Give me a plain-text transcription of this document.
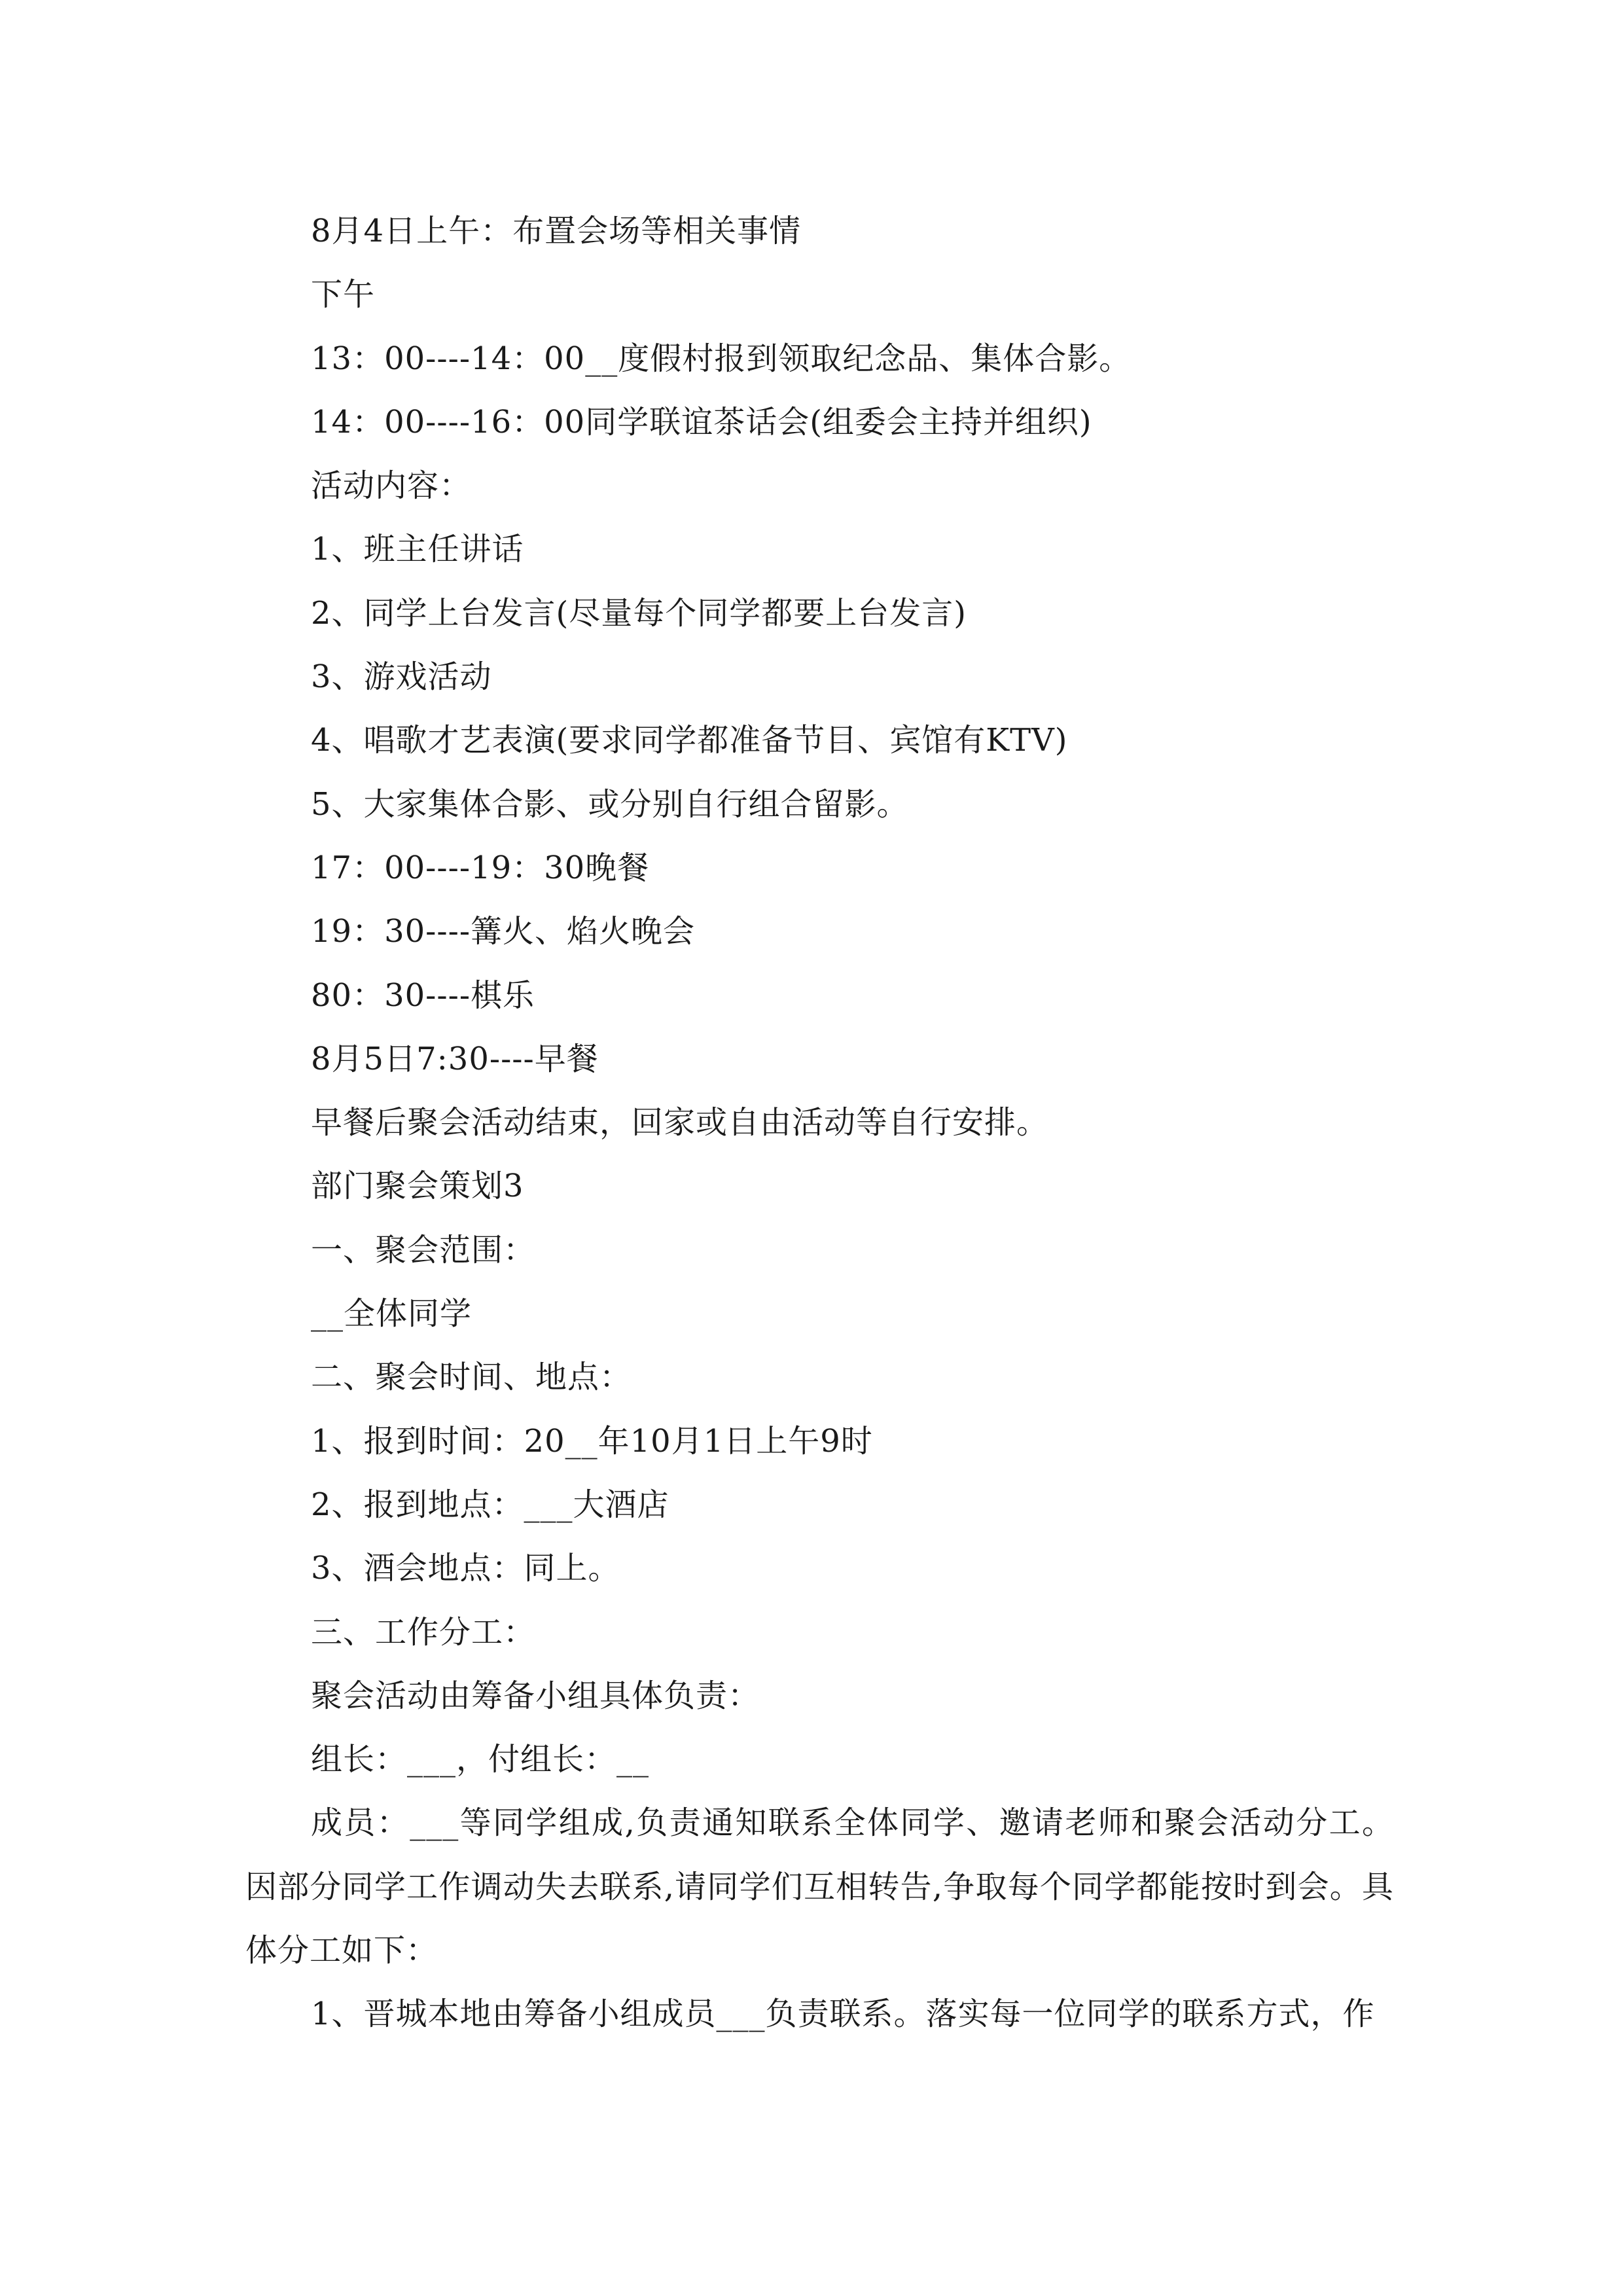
8月4日上午：布置会场等相关事情
下午
13：00----14：00__度假村报到领取纪念品、集体合影。
14：00----16：00同学联谊茶话会(组委会主持并组织)
活动内容：
1、班主任讲话
2、同学上台发言(尽量每个同学都要上台发言)
3、游戏活动
4、唱歌才艺表演(要求同学都准备节目、宾馆有KTV)
5、大家集体合影、或分别自行组合留影。
17：00----19：30晚餐
19：30----篝火、焰火晚会
80：30----棋乐
8月5日7:30----早餐
早餐后聚会活动结束，回家或自由活动等自行安排。
部门聚会策划3
一、聚会范围：
__全体同学
二、聚会时间、地点：
1、报到时间：20__年10月1日上午9时
2、报到地点：___大酒店
3、酒会地点：同上。
三、工作分工：
聚会活动由筹备小组具体负责：
组长：___，付组长：__
成员：___等同学组成,负责通知联系全体同学、邀请老师和聚会活动分工。因部分同学工作调动失去联系,请同学们互相转告,争取每个同学都能按时到会。具体分工如下：
1、晋城本地由筹备小组成员___负责联系。落实每一位同学的联系方式，作
